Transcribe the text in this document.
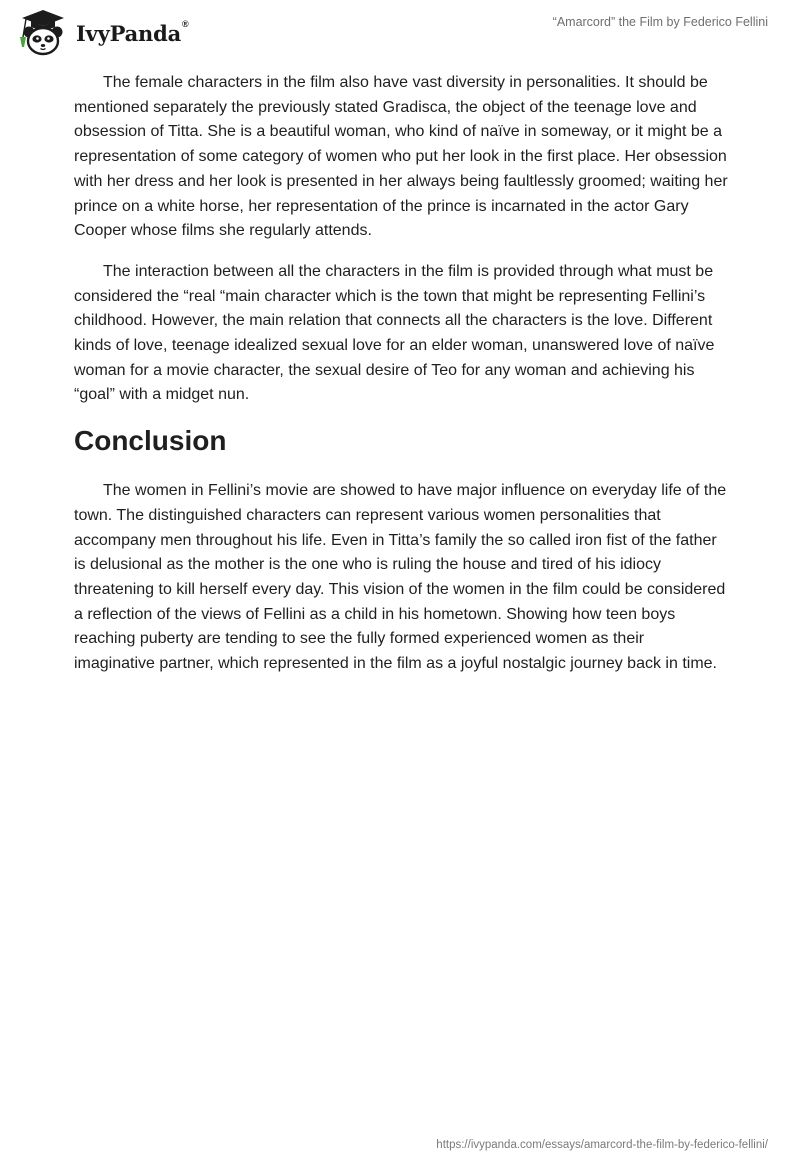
IvyPanda®	“Amarcord” the Film by Federico Fellini

The female characters in the film also have vast diversity in personalities. It should be mentioned separately the previously stated Gradisca, the object of the teenage love and obsession of Titta. She is a beautiful woman, who kind of naïve in someway, or it might be a representation of some category of women who put her look in the first place. Her obsession with her dress and her look is presented in her always being faultlessly groomed; waiting her prince on a white horse, her representation of the prince is incarnated in the actor Gary Cooper whose films she regularly attends.

The interaction between all the characters in the film is provided through what must be considered the “real “main character which is the town that might be representing Fellini’s childhood. However, the main relation that connects all the characters is the love. Different kinds of love, teenage idealized sexual love for an elder woman, unanswered love of naïve woman for a movie character, the sexual desire of Teo for any woman and achieving his “goal” with a midget nun.

Conclusion

The women in Fellini’s movie are showed to have major influence on everyday life of the town. The distinguished characters can represent various women personalities that accompany men throughout his life. Even in Titta’s family the so called iron fist of the father is delusional as the mother is the one who is ruling the house and tired of his idiocy threatening to kill herself every day. This vision of the women in the film could be considered a reflection of the views of Fellini as a child in his hometown. Showing how teen boys reaching puberty are tending to see the fully formed experienced women as their imaginative partner, which represented in the film as a joyful nostalgic journey back in time.

https://ivypanda.com/essays/amarcord-the-film-by-federico-fellini/
